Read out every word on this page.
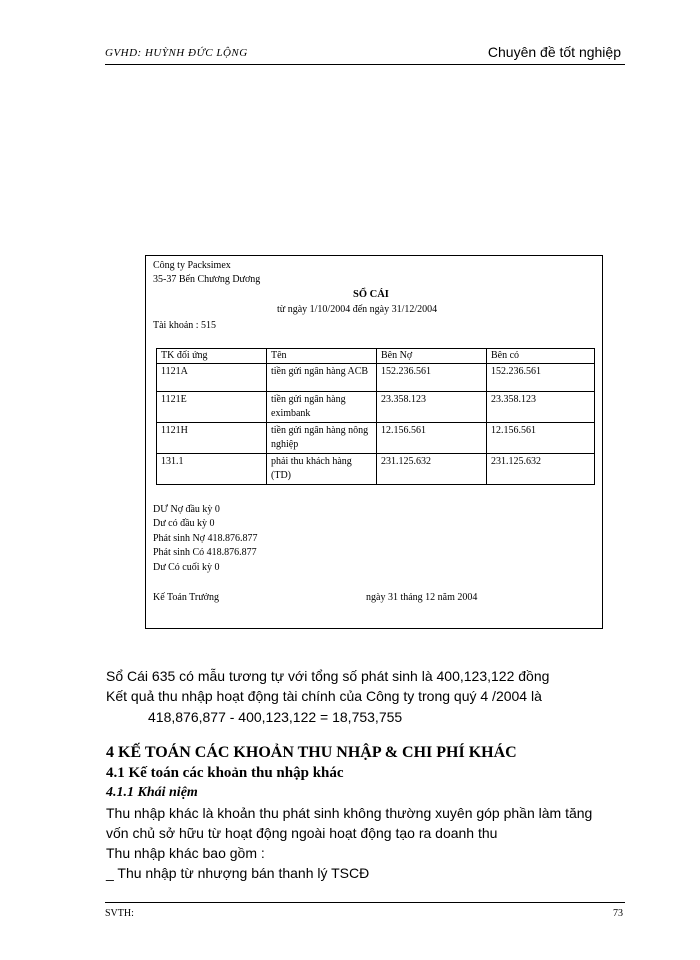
GVHD: HUỲNH ĐỨC LỘNG	Chuyên đề tốt nghiệp
Công ty Packsimex
35-37 Bến Chương Dương
SỔ CÁI
từ ngày 1/10/2004 đến ngày 31/12/2004
Tài khoản : 515
TK đối ứng	Tên	Bên Nợ	Bên có
1121A	tiền gửi ngân hàng ACB	152.236.561	152.236.561
1121E	tiền gửi ngân hàng eximbank	23.358.123	23.358.123
1121H	tiền gửi ngân hàng nông nghiệp	12.156.561	12.156.561
131.1	phải thu khách hàng (TD)	231.125.632	231.125.632
DƯ Nợ đầu kỳ 0
Dư có đầu kỳ 0
Phát sinh Nợ 418.876.877
Phát sinh Có 418.876.877
Dư Có cuối kỳ 0
Kế Toán Trưởng	ngày 31 tháng 12 năm 2004
Sổ Cái 635 có mẫu tương tự với tổng số phát sinh là 400,123,122 đồng
Kết quả thu nhập hoạt động tài chính của Công ty trong quý 4 /2004 là
418,876,877 - 400,123,122 = 18,753,755
4 KẾ TOÁN CÁC KHOẢN THU NHẬP & CHI PHÍ KHÁC
4.1 Kế toán các khoản thu nhập khác
4.1.1 Khái niệm
Thu nhập khác là khoản thu phát sinh không thường xuyên góp phần làm tăng
vốn chủ sở hữu từ hoạt động ngoài hoạt động tạo ra doanh thu
Thu nhập khác bao gồm :
_ Thu nhập từ nhượng bán thanh lý TSCĐ
SVTH:	73
